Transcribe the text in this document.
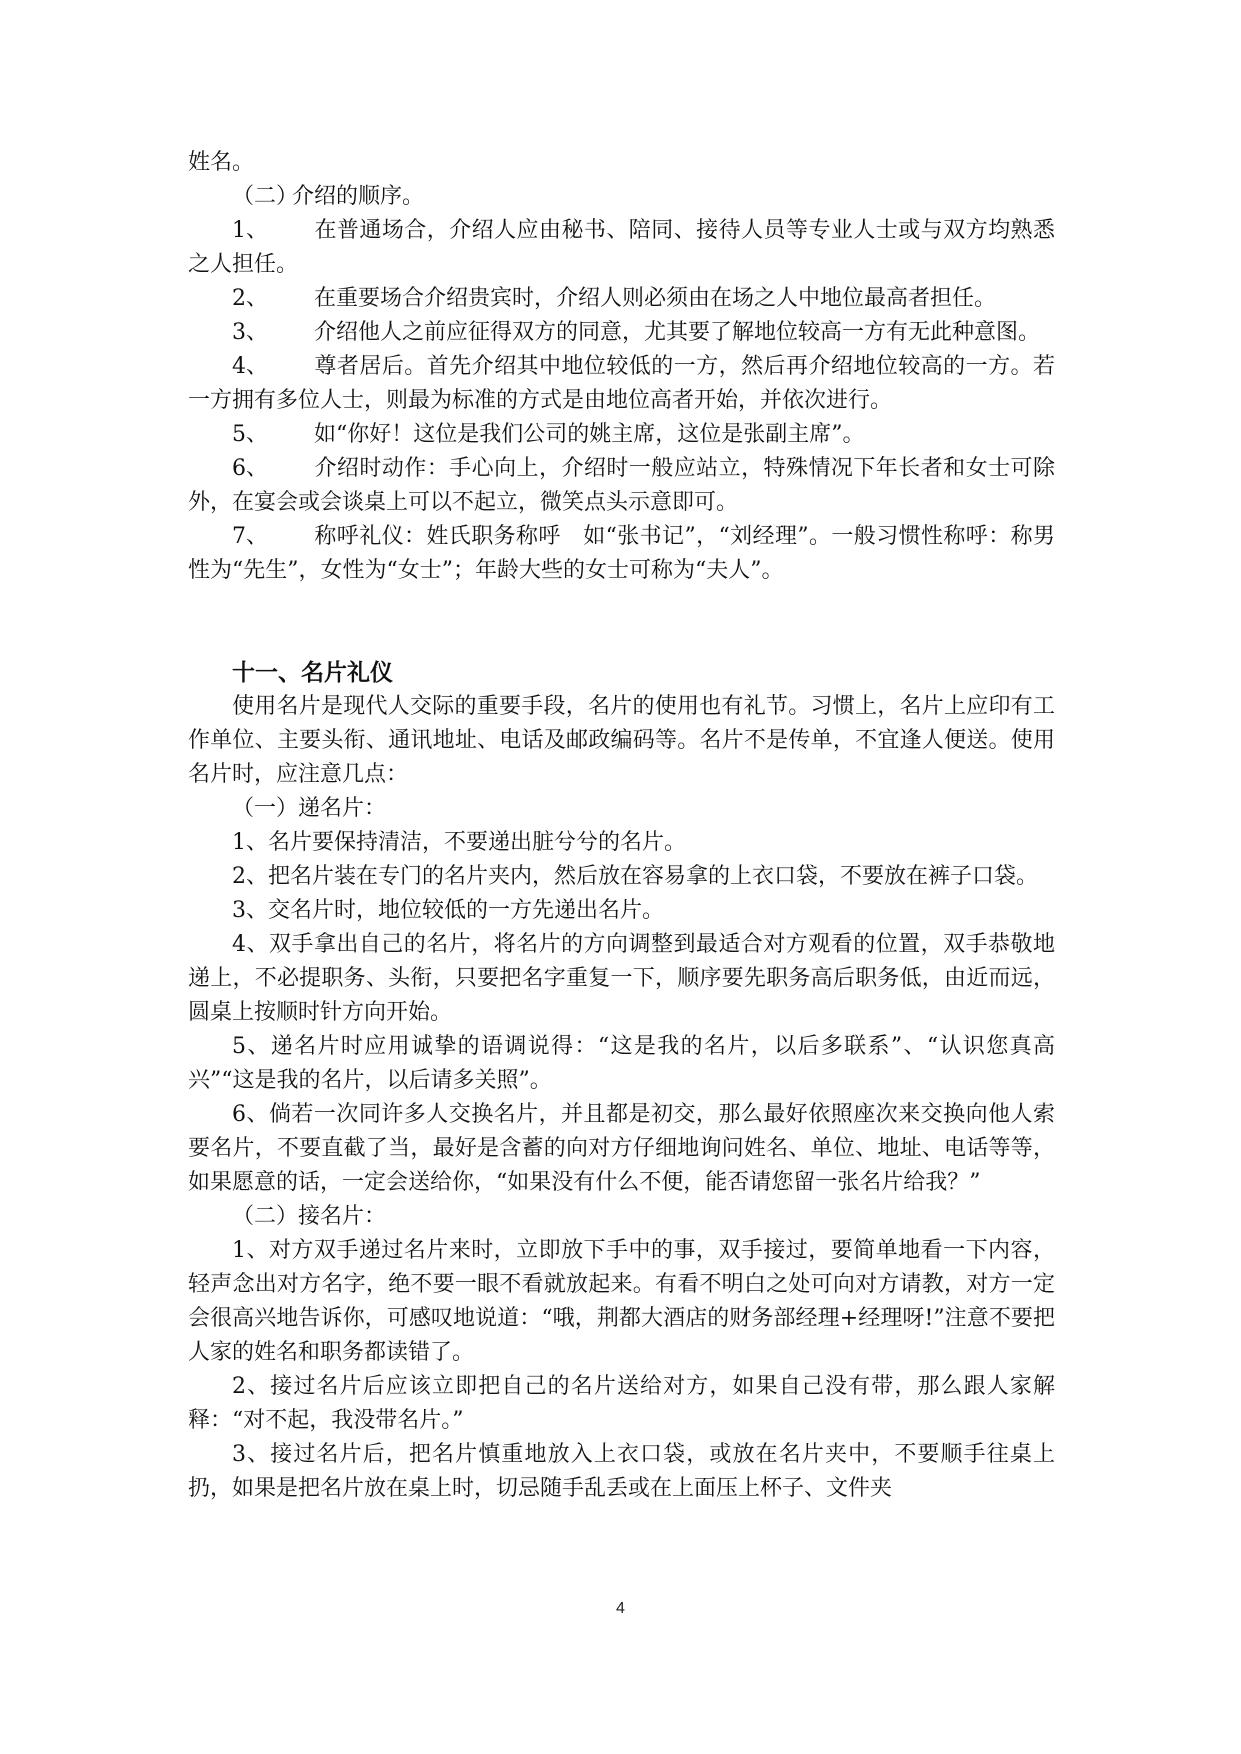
姓名。

（二）
介绍的顺序。

1、 在普通场合，介绍人应由秘书、陪同、接待人员等专业人士或与双方均熟悉之人担任。

2、 在重要场合介绍贵宾时，介绍人则必须由在场之人中地位最高者担任。

3、 介绍他人之前应征得双方的同意，尤其要了解地位较高一方有无此种意图。

4、 尊者居后。首先介绍其中地位较低的一方，然后再介绍地位较高的一方。若一方拥有多位人士，则最为标准的方式是由地位高者开始，并依次进行。

5、 如“你好！这位是我们公司的姚主席，这位是张副主席”。

6、 介绍时动作：手心向上，介绍时一般应站立，特殊情况下年长者和女士可除外，在宴会或会谈桌上可以不起立，微笑点头示意即可。

7、 称呼礼仪：姓氏职务称呼　如“张书记”，“刘经理”。一般习惯性称呼：称男性为“先生”，女性为“女士”；年龄大些的女士可称为“夫人”。

十一、名片礼仪

使用名片是现代人交际的重要手段，名片的使用也有礼节。习惯上，名片上应印有工作单位、主要头衔、通讯地址、电话及邮政编码等。名片不是传单，不宜逢人便送。使用名片时，应注意几点：

（一）递名片：

1、名片要保持清洁，不要递出脏兮兮的名片。

2、把名片装在专门的名片夹内，然后放在容易拿的上衣口袋，不要放在裤子口袋。

3、交名片时，地位较低的一方先递出名片。

4、双手拿出自己的名片，将名片的方向调整到最适合对方观看的位置，双手恭敬地递上，不必提职务、头衔，只要把名字重复一下，顺序要先职务高后职务低，由近而远，圆桌上按顺时针方向开始。

5、递名片时应用诚挚的语调说得：“这是我的名片，以后多联系”、“认识您真高兴”“这是我的名片，以后请多关照”。

6、倘若一次同许多人交换名片，并且都是初交，那么最好依照座次来交换向他人索要名片，不要直截了当，最好是含蓄的向对方仔细地询问姓名、单位、地址、电话等等，如果愿意的话，一定会送给你，“如果没有什么不便，能否请您留一张名片给我？”

（二）接名片：

1、对方双手递过名片来时，立即放下手中的事，双手接过，要简单地看一下内容，轻声念出对方名字，绝不要一眼不看就放起来。有看不明白之处可向对方请教，对方一定会很高兴地告诉你，可感叹地说道：“哦，荆都大酒店的财务部经理+经理呀!”注意不要把人家的姓名和职务都读错了。

2、接过名片后应该立即把自己的名片送给对方，如果自己没有带，那么跟人家解释：“对不起，我没带名片。”

3、接过名片后，把名片慎重地放入上衣口袋，或放在名片夹中，不要顺手往桌上扔，如果是把名片放在桌上时，切忌随手乱丢或在上面压上杯子、文件夹

4
